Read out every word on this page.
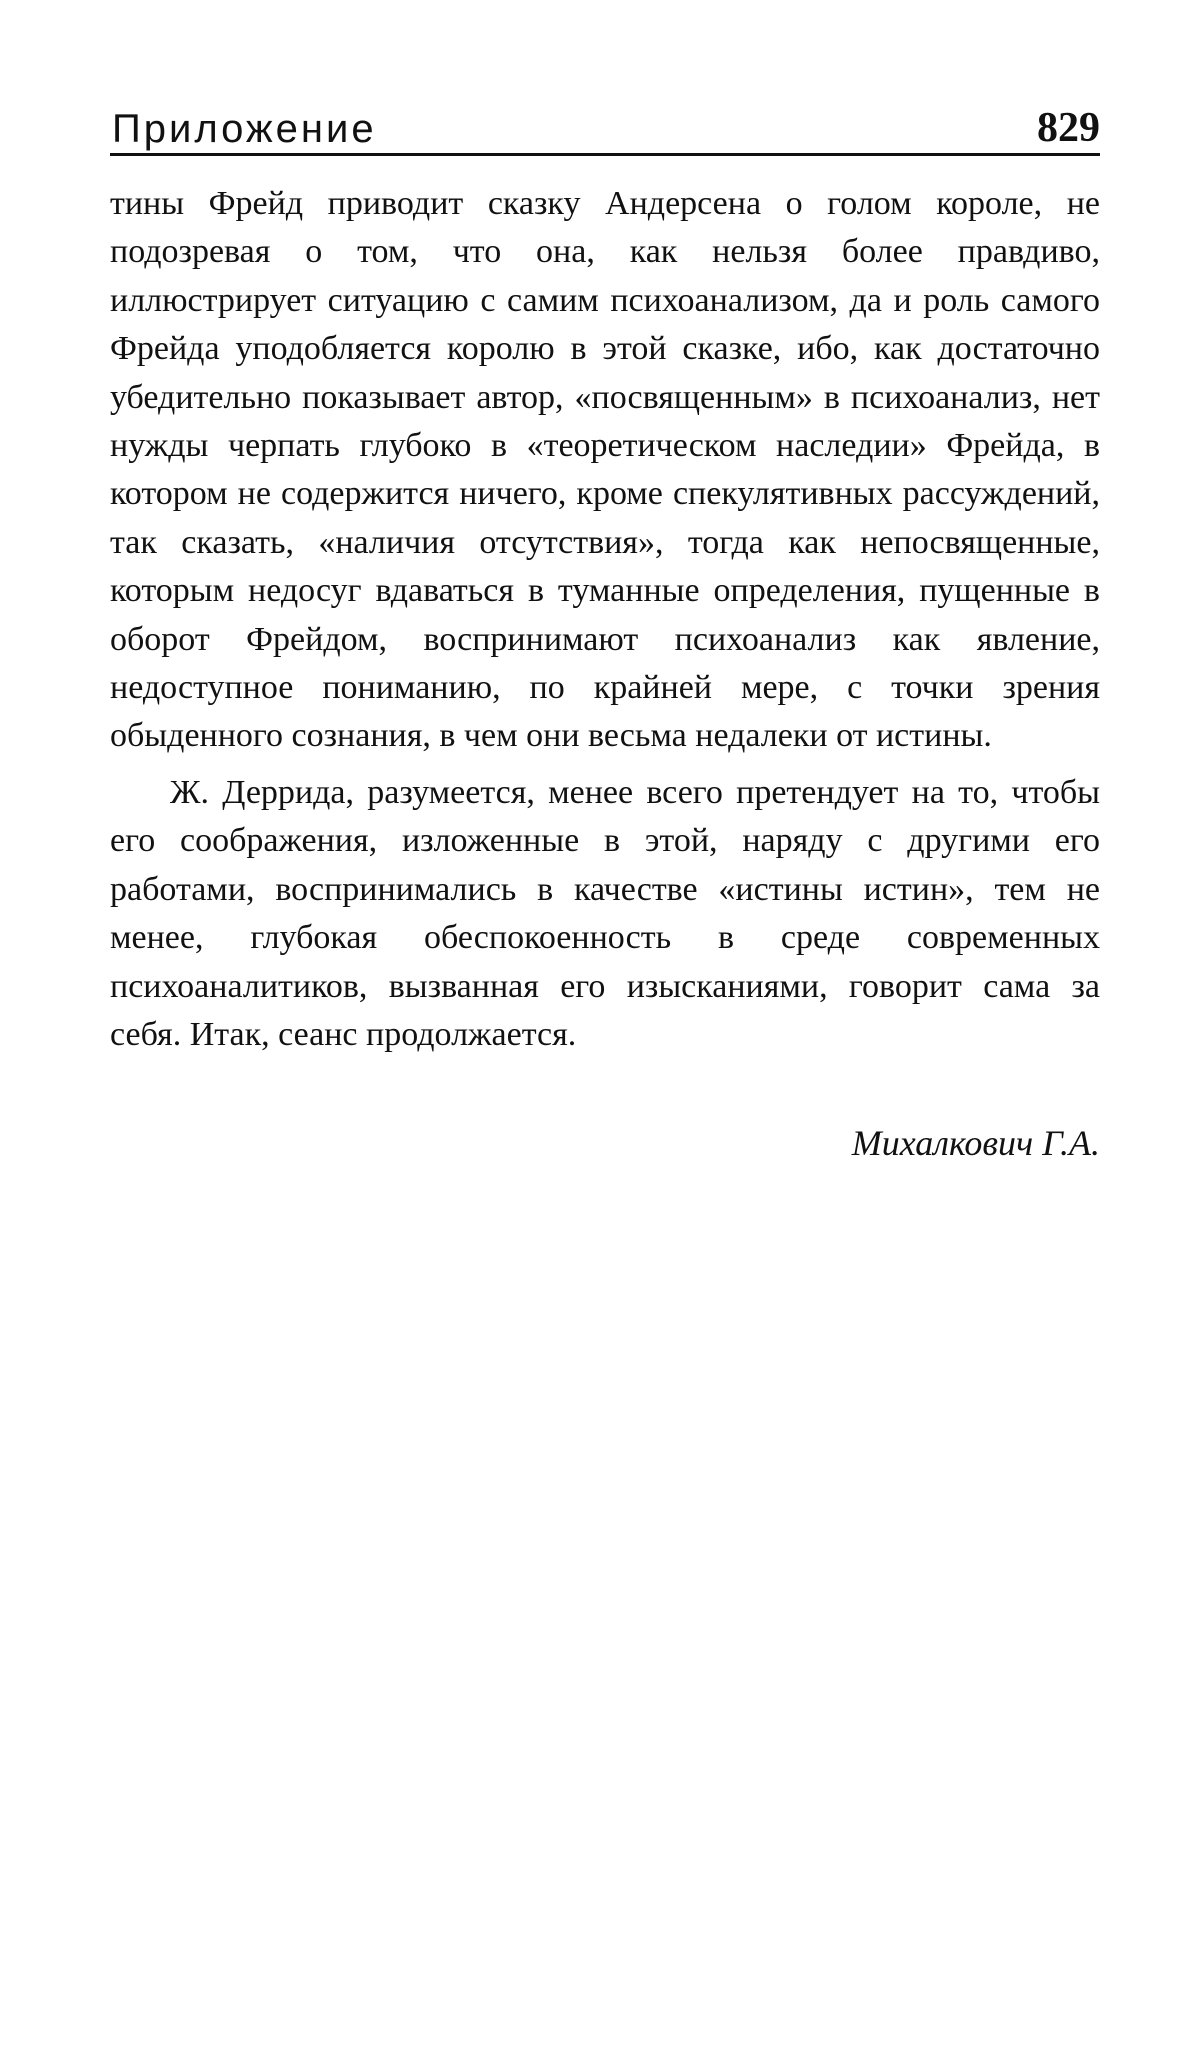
Приложение	829

тины Фрейд приводит сказку Андерсена о голом короле, не подозревая о том, что она, как нельзя более правдиво, иллюстрирует ситуацию с самим психоанализом, да и роль самого Фрейда уподобляется королю в этой сказке, ибо, как достаточно убедительно показывает автор, «посвященным» в психоанализ, нет нужды черпать глубоко в «теоретическом наследии» Фрейда, в котором не содержится ничего, кроме спекулятивных рассуждений, так сказать, «наличия отсутствия», тогда как непосвященные, которым недосуг вдаваться в туманные определения, пущенные в оборот Фрейдом, воспринимают психоанализ как явление, недоступное пониманию, по крайней мере, с точки зрения обыденного сознания, в чем они весьма недалеки от истины.

Ж. Деррида, разумеется, менее всего претендует на то, чтобы его соображения, изложенные в этой, наряду с другими его работами, воспринимались в качестве «истины истин», тем не менее, глубокая обеспокоенность в среде современных психоаналитиков, вызванная его изысканиями, говорит сама за себя. Итак, сеанс продолжается.

Михалкович Г.А.
